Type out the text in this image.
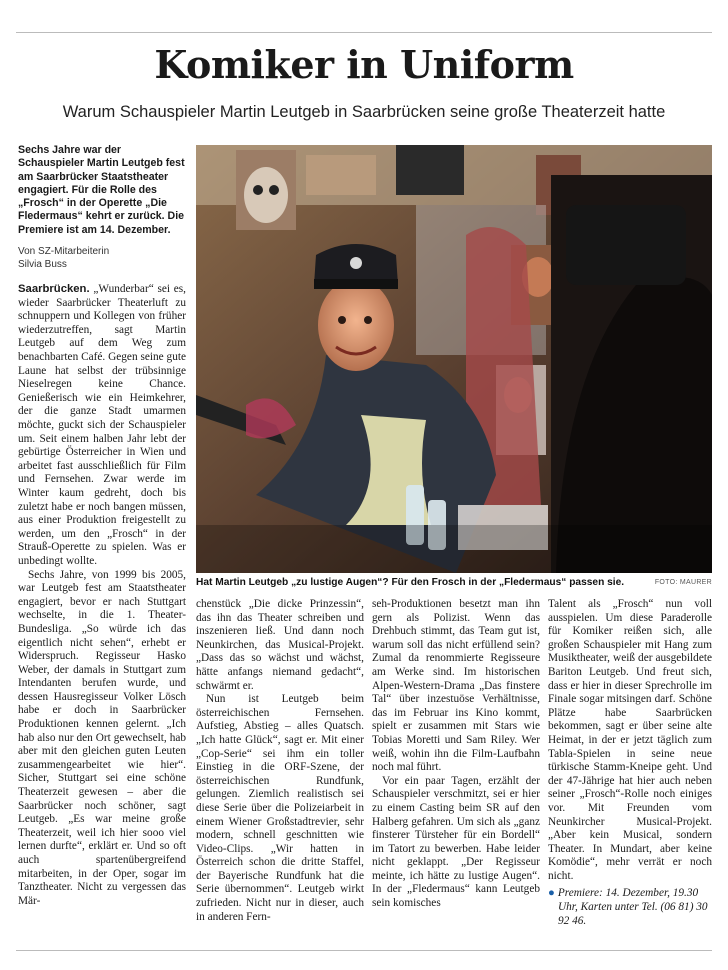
Komiker in Uniform
Warum Schauspieler Martin Leutgeb in Saarbrücken seine große Theaterzeit hatte
Sechs Jahre war der Schauspieler Martin Leutgeb fest am Saarbrücker Staatstheater engagiert. Für die Rolle des „Frosch“ in der Operette „Die Fledermaus“ kehrt er zurück. Die Premiere ist am 14. Dezember.
Von SZ-Mitarbeiterin
Silvia Buss

Saarbrücken. „Wunderbar“ sei es, wieder Saarbrücker Theaterluft zu schnuppern und Kollegen von früher wiederzutreffen, sagt Martin Leutgeb auf dem Weg zum benachbarten Café. Gegen seine gute Laune hat selbst der trübsinnige Nieselregen keine Chance. Genießerisch wie ein Heimkehrer, der die ganze Stadt umarmen möchte, guckt sich der Schauspieler um. Seit einem halben Jahr lebt der gebürtige Österreicher in Wien und arbeitet fast ausschließlich für Film und Fernsehen. Zwar werde im Winter kaum gedreht, doch bis zuletzt habe er noch bangen müssen, aus einer Produktion freigestellt zu werden, um den „Frosch“ in der Strauß-Operette zu spielen. Was er unbedingt wollte.

Sechs Jahre, von 1999 bis 2005, war Leutgeb fest am Staatstheater engagiert, bevor er nach Stuttgart wechselte, in die 1. Theater-Bundesliga. „So würde ich das eigentlich nicht sehen“, erhebt er Widerspruch. Regisseur Hasko Weber, der damals in Stuttgart zum Intendanten berufen wurde, und dessen Hausregisseur Volker Lösch habe er doch in Saarbrücker Produktionen kennen gelernt. „Ich hab also nur den Ort gewechselt, hab aber mit den gleichen guten Leuten zusammengearbeitet wie hier“. Sicher, Stuttgart sei eine schöne Theaterzeit gewesen – aber die Saarbrücker noch schöner, sagt Leutgeb. „Es war meine große Theaterzeit, weil ich hier sooo viel lernen durfte“, erklärt er. Und so oft auch spartenübergreifend mitarbeiten, in der Oper, sogar im Tanztheater. Nicht zu vergessen das Mär-

Hat Martin Leutgeb „zu lustige Augen“? Für den Frosch in der „Fledermaus“ passen sie.	FOTO: MAURER

chenstück „Die dicke Prinzessin“, das ihn das Theater schreiben und inszenieren ließ. Und dann noch Neunkirchen, das Musical-Projekt. „Dass das so wächst und wächst, hätte anfangs niemand gedacht“, schwärmt er.

Nun ist Leutgeb beim österreichischen Fernsehen. Aufstieg, Abstieg – alles Quatsch. „Ich hatte Glück“, sagt er. Mit einer „Cop-Serie“ sei ihm ein toller Einstieg in die ORF-Szene, der österreichischen Rundfunk, gelungen. Ziemlich realistisch sei diese Serie über die Polizeiarbeit in einem Wiener Großstadtrevier, sehr modern, schnell geschnitten wie Video-Clips. „Wir hatten in Österreich schon die dritte Staffel, der Bayerische Rundfunk hat die Serie übernommen“. Leutgeb wirkt zufrieden. Nicht nur in dieser, auch in anderen Fern-

seh-Produktionen besetzt man ihn gern als Polizist. Wenn das Drehbuch stimmt, das Team gut ist, warum soll das nicht erfüllend sein? Zumal da renommierte Regisseure am Werke sind. Im historischen Alpen-Western-Drama „Das finstere Tal“ über inzestuöse Verhältnisse, das im Februar ins Kino kommt, spielt er zusammen mit Stars wie Tobias Moretti und Sam Riley. Wer weiß, wohin ihn die Film-Laufbahn noch mal führt.

Vor ein paar Tagen, erzählt der Schauspieler verschmitzt, sei er hier zu einem Casting beim SR auf den Halberg gefahren. Um sich als „ganz finsterer Türsteher für ein Bordell“ im Tatort zu bewerben. Habe leider nicht geklappt. „Der Regisseur meinte, ich hätte zu lustige Augen“. In der „Fledermaus“ kann Leutgeb sein komisches

Talent als „Frosch“ nun voll ausspielen. Um diese Paraderolle für Komiker reißen sich, alle großen Schauspieler mit Hang zum Musiktheater, weiß der ausgebildete Bariton Leutgeb. Und freut sich, dass er hier in dieser Sprechrolle im Finale sogar mitsingen darf. Schöne Plätze habe Saarbrücken bekommen, sagt er über seine alte Heimat, in der er jetzt täglich zum Tabla-Spielen in seine neue türkische Stamm-Kneipe geht. Und der 47-Jährige hat hier auch neben seiner „Frosch“-Rolle noch einiges vor. Mit Freunden vom Neunkircher Musical-Projekt. „Aber kein Musical, sondern Theater. In Mundart, aber keine Komödie“, mehr verrät er noch nicht.

● Premiere: 14. Dezember, 19.30 Uhr, Karten unter Tel. (06 81) 30 92 46.
